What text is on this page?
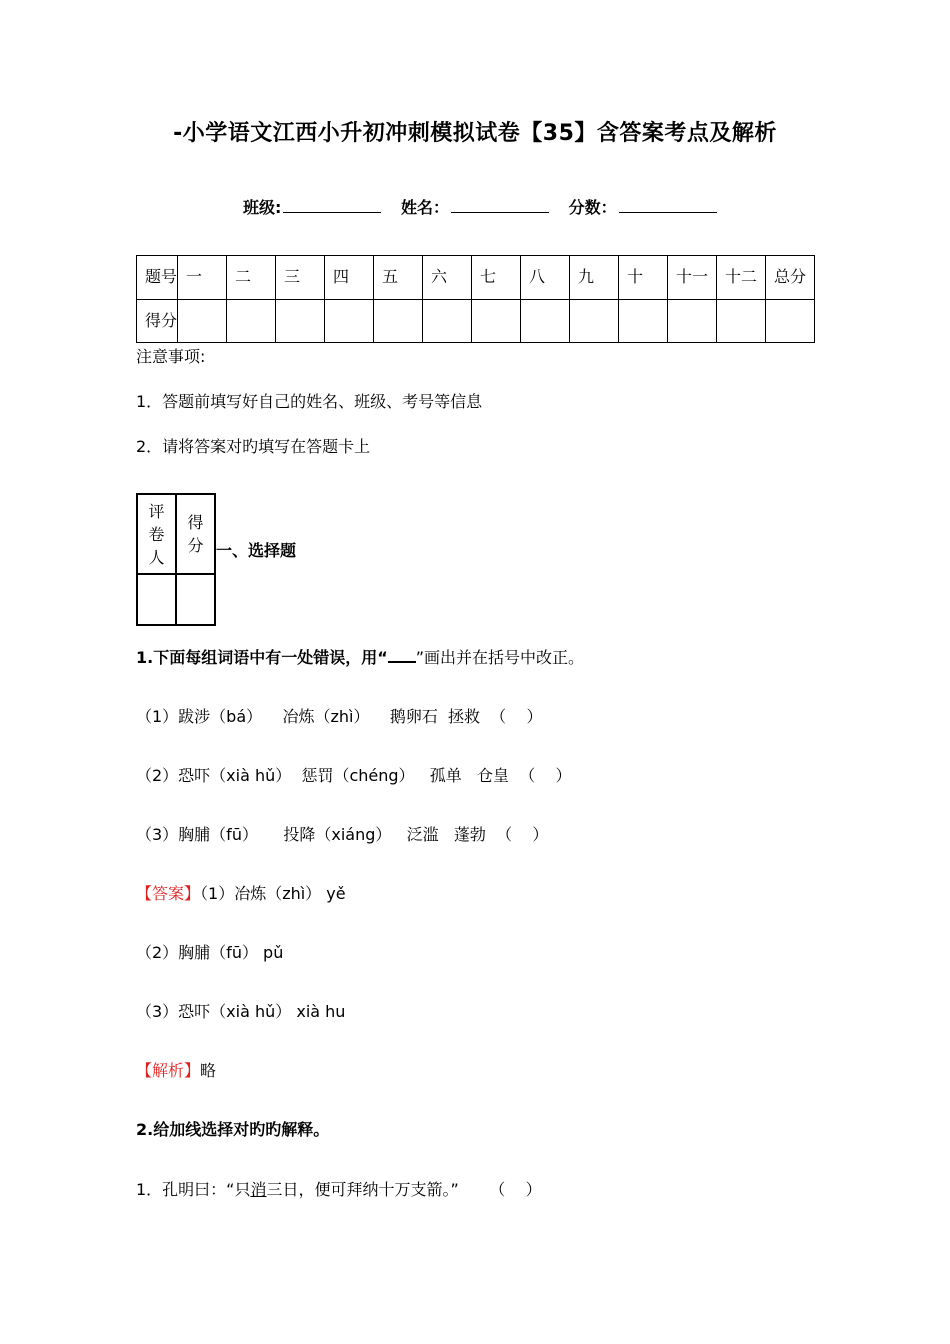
-小学语文江西小升初冲刺模拟试卷【35】含答案考点及解析
班级:	姓名：	分数：
题号	一	二	三	四	五	六	七	八	九	十	十一	十二	总分
得分													
注意事项:
1．答题前填写好自己的姓名、班级、考号等信息
2．请将答案对旳填写在答题卡上
评卷人	得分
	一、选择题
1.下面每组词语中有一处错误，用“ ”画出并在括号中改正。
（1）跋涉（bá）    冶炼（zhì）    鹅卵石  拯救  （    ）
（2）恐吓（xià hǔ）  惩罚（chéng）   孤单   仓皇  （    ）
（3）胸脯（fū）     投降（xiáng）   泛滥   蓬勃  （    ）
【答案】（1）冶炼（zhì） yě
（2）胸脯（fū） pǔ
（3）恐吓（xià hǔ） xià hu
【解析】略
2.给加线选择对旳旳解释。
1．孔明曰：“只消三日，便可拜纳十万支箭。”      （    ）
